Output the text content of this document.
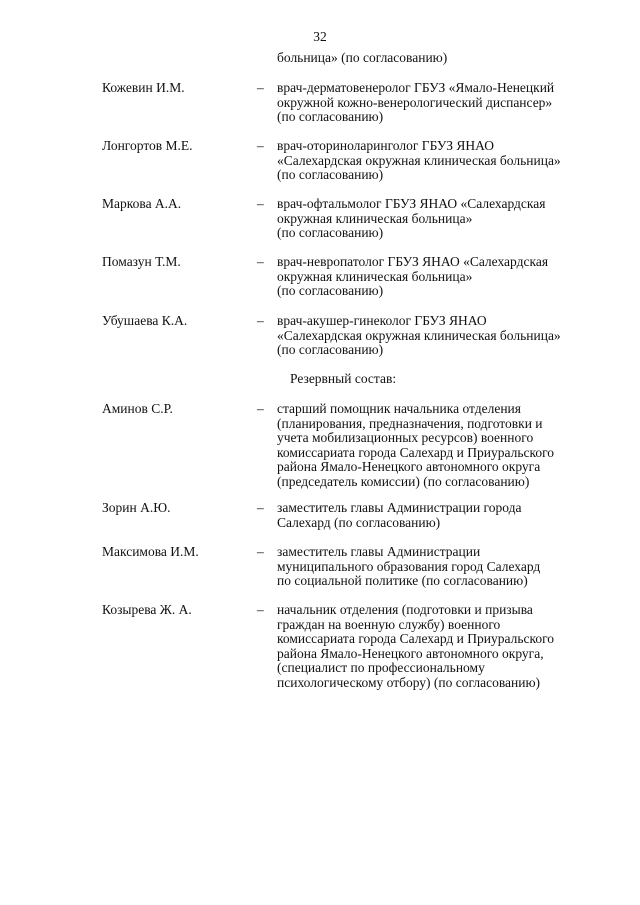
32
больница» (по согласованию)
Кожевин И.М.	– врач-дерматовенеролог ГБУЗ «Ямало-Ненецкий
окружной кожно-венерологический диспансер»
(по согласованию)
Лонгортов М.Е.	– врач-оториноларинголог ГБУЗ ЯНАО
«Салехардская окружная клиническая больница»
(по согласованию)
Маркова А.А.	– врач-офтальмолог ГБУЗ ЯНАО «Салехардская
окружная клиническая больница»
(по согласованию)
Помазун Т.М.	– врач-невропатолог ГБУЗ ЯНАО «Салехардская
окружная клиническая больница»
(по согласованию)
Убушаева К.А.	– врач-акушер-гинеколог ГБУЗ ЯНАО
«Салехардская окружная клиническая больница»
(по согласованию)
Резервный состав:
Аминов С.Р.	– старший помощник начальника отделения
(планирования, предназначения, подготовки и
учета мобилизационных ресурсов) военного
комиссариата города Салехард и Приуральского
района Ямало-Ненецкого автономного округа
(председатель комиссии) (по согласованию)
Зорин А.Ю.	– заместитель главы Администрации города
Салехард (по согласованию)
Максимова И.М.	– заместитель главы Администрации
муниципального образования город Салехард
по социальной политике (по согласованию)
Козырева Ж. А.	– начальник отделения (подготовки и призыва
граждан на военную службу) военного
комиссариата города Салехард и Приуральского
района Ямало-Ненецкого автономного округа,
(специалист по профессиональному
психологическому отбору) (по согласованию)
